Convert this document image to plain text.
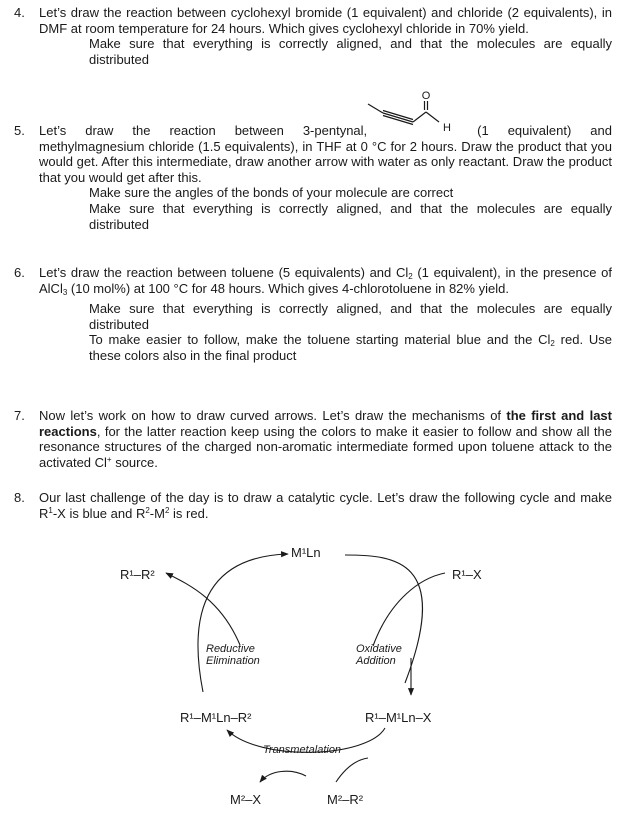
4. Let’s draw the reaction between cyclohexyl bromide (1 equivalent) and chloride (2 equivalents), in DMF at room temperature for 24 hours. Which gives cyclohexyl chloride in 70% yield.
Make sure that everything is correctly aligned, and that the molecules are equally distributed
5. Let’s draw the reaction between 3-pentynal,	(1 equivalent) and methylmagnesium chloride (1.5 equivalents), in THF at 0 °C for 2 hours. Draw the product that you would get. After this intermediate, draw another arrow with water as only reactant. Draw the product that you would get after this.
Make sure the angles of the bonds of your molecule are correct
Make sure that everything is correctly aligned, and that the molecules are equally distributed
O
H
6. Let’s draw the reaction between toluene (5 equivalents) and $Cl_2$ (1 equivalent), in the presence of AlCl$_3$ (10 mol%) at 100 °C for 48 hours. Which gives 4-chlorotoluene in 82% yield.
Make sure that everything is correctly aligned, and that the molecules are equally distributed
To make easier to follow, make the toluene starting material blue and the $Cl_2$ red. Use these colors also in the final product
7. Now let’s work on how to draw curved arrows. Let’s draw the mechanisms of the first and last reactions, for the latter reaction keep using the colors to make it easier to follow and show all the resonance structures of the charged non-aromatic intermediate formed upon toluene attack to the activated Cl+ source.
8. Our last challenge of the day is to draw a catalytic cycle. Let’s draw the following cycle and make $R^1-X$ is blue and $R^2-M^2$ is red.
M¹Ln
R¹–R²	R¹–X
Reductive
Elimination
Oxidative
Addition
R¹–M¹Ln–R²	R¹–M¹Ln–X
Transmetalation
M²–X	M²–R²
